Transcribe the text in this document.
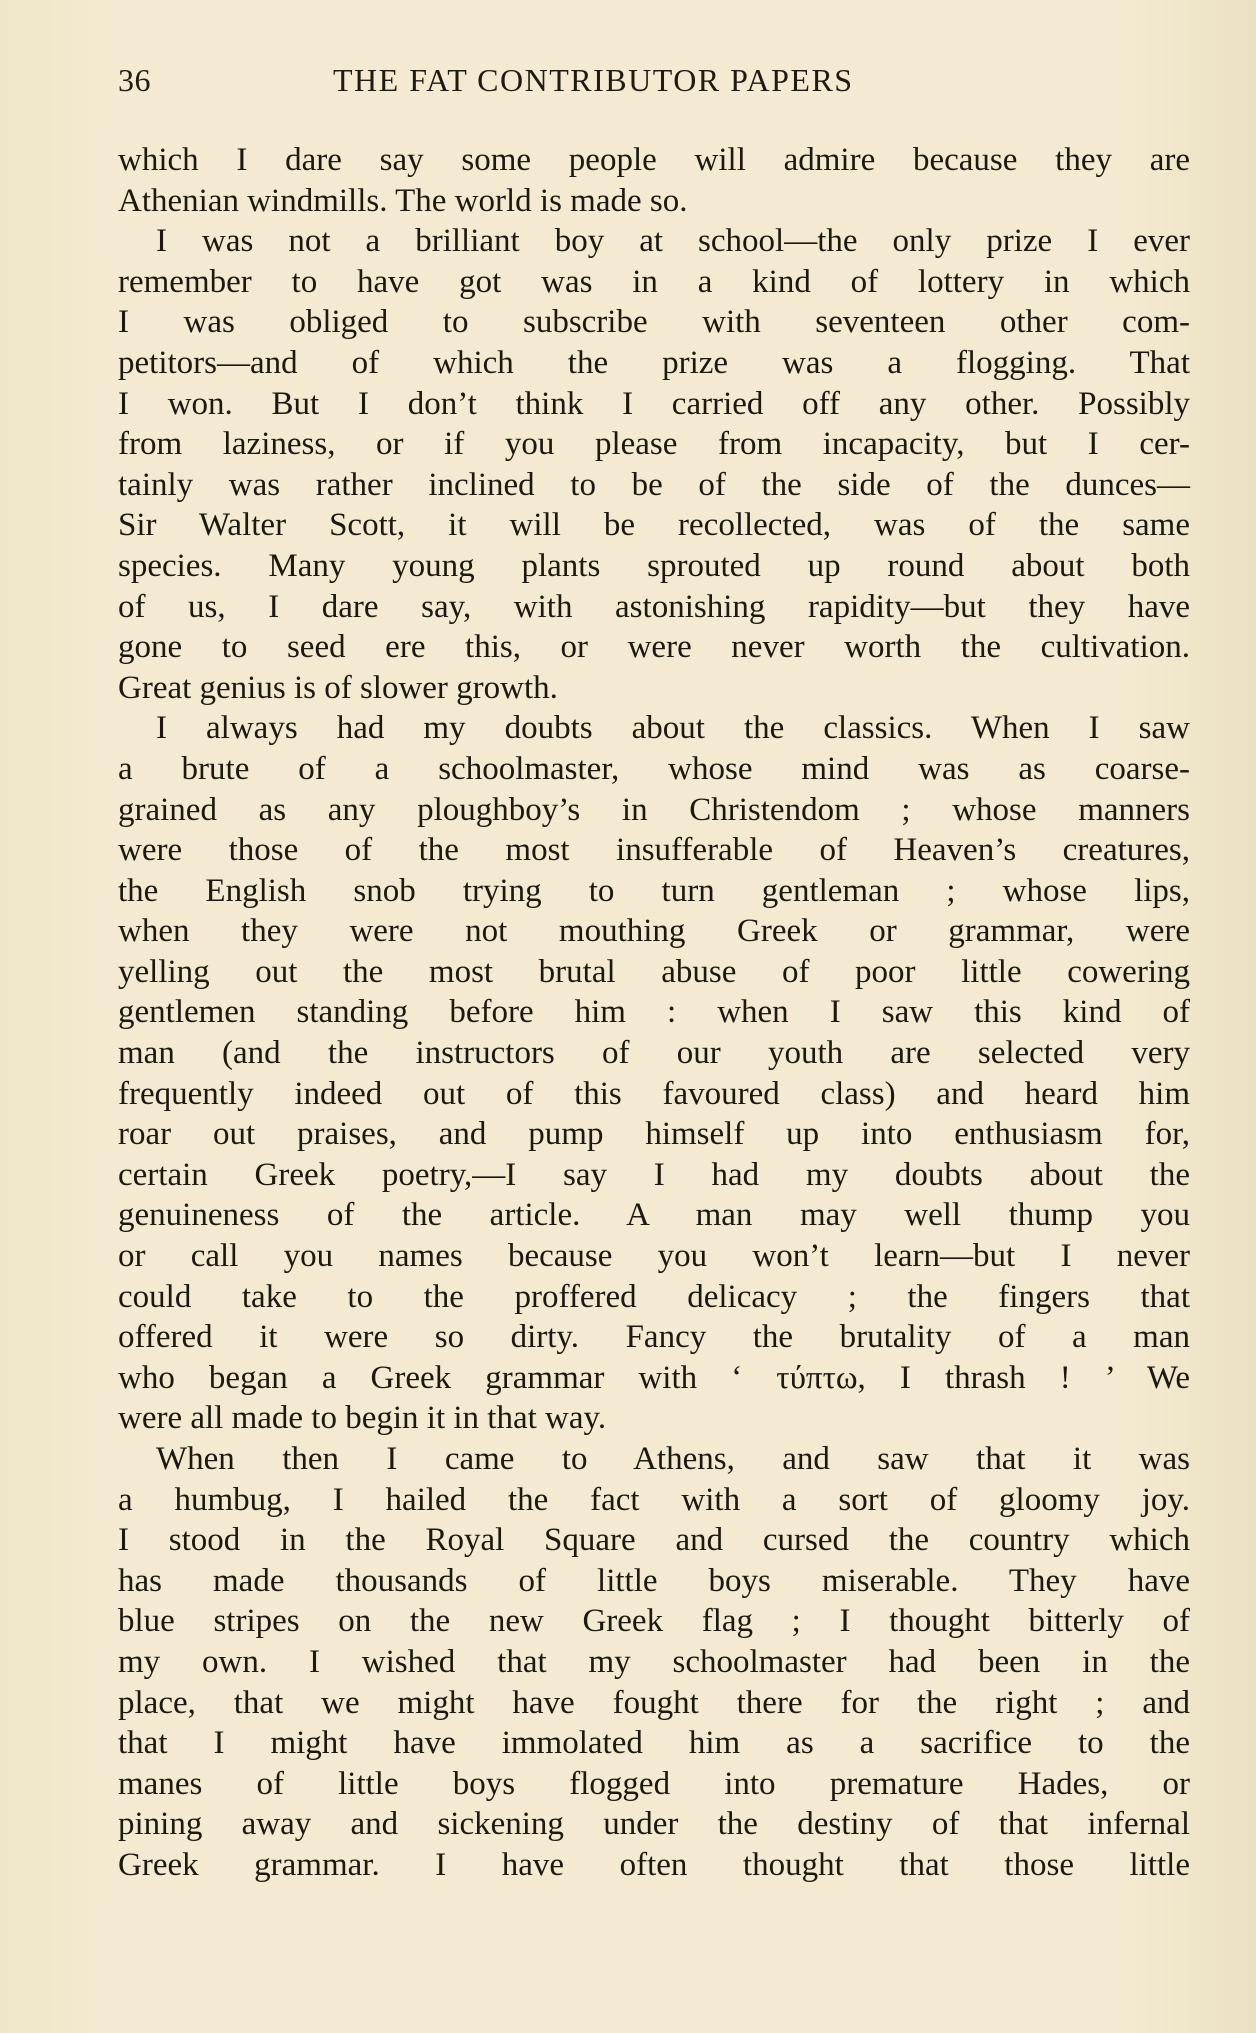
36	THE FAT CONTRIBUTOR PAPERS
which I dare say some people will admire because they are
Athenian windmills. The world is made so.
I was not a brilliant boy at school—the only prize I ever
remember to have got was in a kind of lottery in which
I was obliged to subscribe with seventeen other com-
petitors—and of which the prize was a flogging. That
I won. But I don’t think I carried off any other. Possibly
from laziness, or if you please from incapacity, but I cer-
tainly was rather inclined to be of the side of the dunces—
Sir Walter Scott, it will be recollected, was of the same
species. Many young plants sprouted up round about both
of us, I dare say, with astonishing rapidity—but they have
gone to seed ere this, or were never worth the cultivation.
Great genius is of slower growth.
I always had my doubts about the classics. When I saw
a brute of a schoolmaster, whose mind was as coarse-
grained as any ploughboy’s in Christendom ; whose manners
were those of the most insufferable of Heaven’s creatures,
the English snob trying to turn gentleman ; whose lips,
when they were not mouthing Greek or grammar, were
yelling out the most brutal abuse of poor little cowering
gentlemen standing before him : when I saw this kind of
man (and the instructors of our youth are selected very
frequently indeed out of this favoured class) and heard him
roar out praises, and pump himself up into enthusiasm for,
certain Greek poetry,—I say I had my doubts about the
genuineness of the article. A man may well thump you
or call you names because you won’t learn—but I never
could take to the proffered delicacy ; the fingers that
offered it were so dirty. Fancy the brutality of a man
who began a Greek grammar with ‘ τύπτω, I thrash ! ’ We
were all made to begin it in that way.
When then I came to Athens, and saw that it was
a humbug, I hailed the fact with a sort of gloomy joy.
I stood in the Royal Square and cursed the country which
has made thousands of little boys miserable. They have
blue stripes on the new Greek flag ; I thought bitterly of
my own. I wished that my schoolmaster had been in the
place, that we might have fought there for the right ; and
that I might have immolated him as a sacrifice to the
manes of little boys flogged into premature Hades, or
pining away and sickening under the destiny of that infernal
Greek grammar. I have often thought that those little
